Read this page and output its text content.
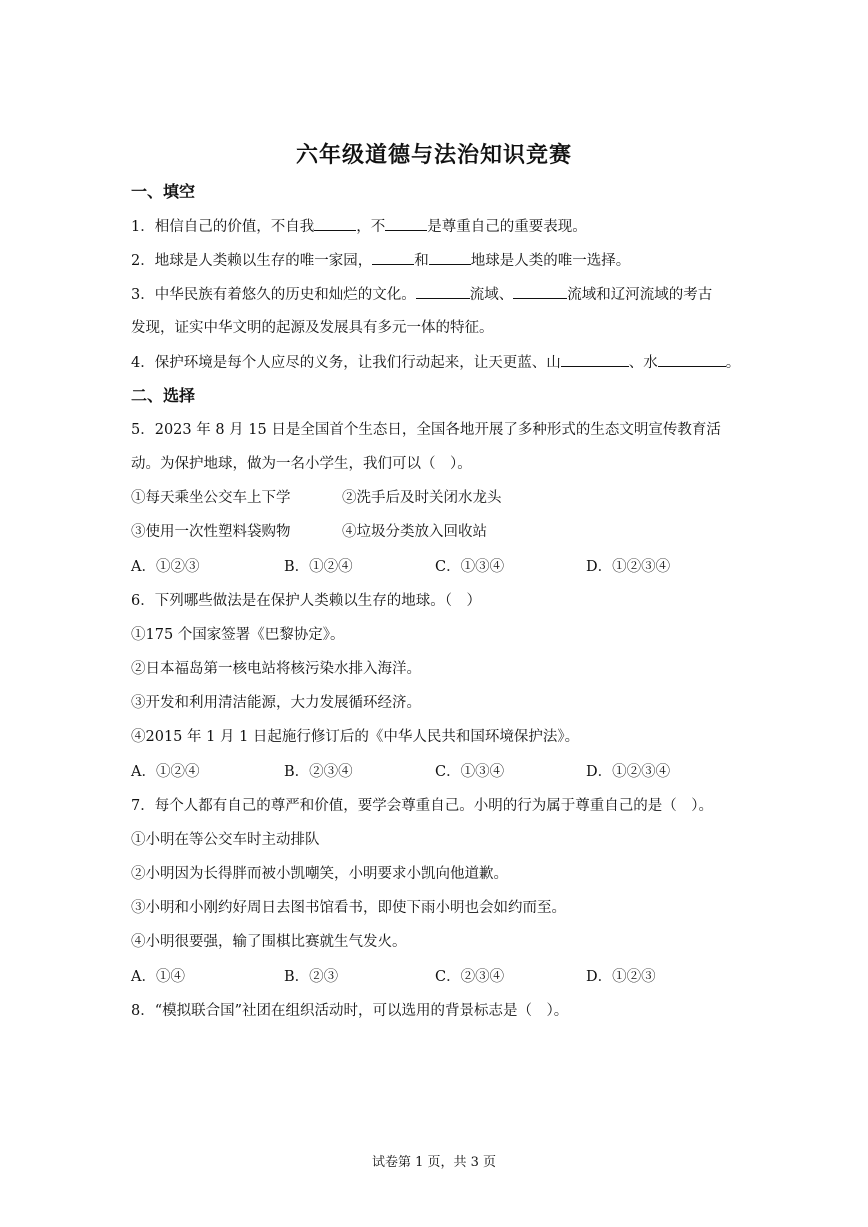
六年级道德与法治知识竞赛
一、填空
1．相信自己的价值，不自我	，不	是尊重自己的重要表现。
2．地球是人类赖以生存的唯一家园，	和	地球是人类的唯一选择。
3．中华民族有着悠久的历史和灿烂的文化。	流域、	流域和辽河流域的考古
发现，证实中华文明的起源及发展具有多元一体的特征。
4．保护环境是每个人应尽的义务，让我们行动起来，让天更蓝、山	、水	。
二、选择
5．2023 年 8 月 15 日是全国首个生态日，全国各地开展了多种形式的生态文明宣传教育活
动。为保护地球，做为一名小学生，我们可以（　）。
①每天乘坐公交车上下学	②洗手后及时关闭水龙头
③使用一次性塑料袋购物	④垃圾分类放入回收站
A．①②③	B．①②④	C．①③④	D．①②③④
6．下列哪些做法是在保护人类赖以生存的地球。（　）
①175 个国家签署《巴黎协定》。
②日本福岛第一核电站将核污染水排入海洋。
③开发和利用清洁能源，大力发展循环经济。
④2015 年 1 月 1 日起施行修订后的《中华人民共和国环境保护法》。
A．①②④	B．②③④	C．①③④	D．①②③④
7．每个人都有自己的尊严和价值，要学会尊重自己。小明的行为属于尊重自己的是（　）。
①小明在等公交车时主动排队
②小明因为长得胖而被小凯嘲笑，小明要求小凯向他道歉。
③小明和小刚约好周日去图书馆看书，即使下雨小明也会如约而至。
④小明很要强，输了围棋比赛就生气发火。
A．①④	B．②③	C．②③④	D．①②③
8．“模拟联合国”社团在组织活动时，可以选用的背景标志是（　）。
试卷第 1 页，共 3 页
